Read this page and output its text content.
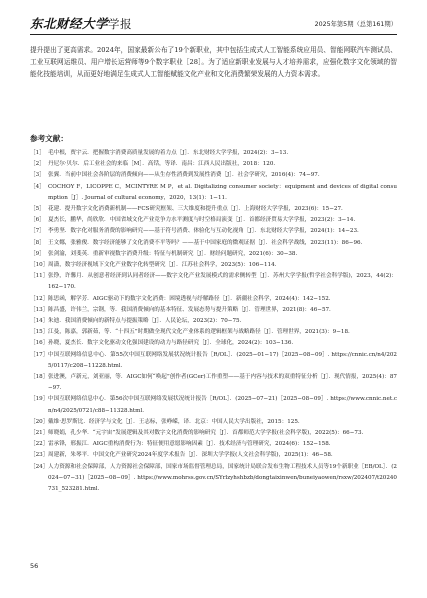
东北财经大学学报	2025年第5期（总第161期）

提升提出了更高需求。2024年，国家最新公布了19个新职业，其中包括生成式人工智能系统应用员、智能网联汽车测试员、工业互联网运维员、用户增长运营师等9个数字职业［28］。为了适应新职业发展与人才培养需求，应强化数字文化领域的智能化技能培训，从而更好地满足生成式人工智能赋能文化产业和文化消费繁荣发展的人力资本需求。

参考文献：
［1］ 毛中根，贾宇云．把握数字消费高质量发展的着力点［J］．东北财经大学学报，2024(2)：3−13.
［2］ 丹尼尔·贝尔．后工业社会的来临［M］．高铦，等译．南昌：江西人民出版社，2018：120.
［3］ 张翼．当前中国社会各阶层的消费倾向——从生存性消费到发展性消费［J］．社会学研究，2016(4)：74−97.
［4］ COCHOY F，LICOPPE C，MCINTYRE M P，et al. Digitalizing consumer society：equipment and devices of digital consumption［J］. Journal of cultural economy，2020，13(1)：1−11.
［5］ 花建．提升数字文化消费新机制——FCS研究框架、三大维度和提升重点［J］．上海财经大学学报，2023(6)：15−27.
［6］ 夏杰长，鹏华，尚欣欣．中国省域文化产业竞争力水平测度与时空格局演变［J］．首都经济贸易大学学报，2023(2)：3−14.
［7］ 李勇坚．数字化对服务消费的影响研究——基于符号消费、体验化与互动化视角［J］．东北财经大学学报，2024(1)：14−23.
［8］ 王文娜，张雅俊．数字经济能够了文化消费不平等吗？——基于中国家庭的微观证据［J］．社会科学战线，2023(11)：86−96.
［9］ 张剑渝，刘斐英．重新审视数字消费升级：特征与机制研究［J］．财经问题研究，2021(6)：30−38.
［10］ 周潇，数字经济视域下文化产业数字化转型研究［J］．江苏社会科学，2023(5)：106−114.
［11］ 张铮，许馨月．从创意者经济到认同者经济——数字文化产业发展模式的需求侧转型［J］．苏州大学学报(哲学社会科学版)，2023，44(2)：162−170.
［12］ 陈思函，解学芳．AIGC驱动下的数字文化消费：困境透视与纾解路径［J］．新疆社会科学，2024(4)：142−152.
［13］ 陈昌盛，许伟兰，宗钢，等．我国消费倾向的基本特征、发展态势与提升策略［J］．管理世界，2021(8)：46−57.
［14］ 朱迪．我国消费倾向的新特点与提振策略［J］．人民论坛，2023(2)：70−75.
［15］ 江曼，陈嘉，郭新茹，等．“十四五”时期做全现代文化产业体系的逻辑框架与战略路径［J］．管理世界，2021(3)：9−18.
［16］ 孙晓，夏杰长．数字文化驱动文化强国建设的动力与路径研究［J］．全球化，2024(2)：103−136.
［17］ 中国互联网络信息中心．第55次中国互联网络发展状况统计报告［R/OL］．(2025−01−17)［2025−08−09］. https://cnnic.cn/n4/2025/0117/c208−11228.html.
［18］ 张进澳，卢新元，刘亚丽，等．AIGC如何“唤起”创作者(GCer)工作重塑——基于内容与技术的双重特征分析［J］．现代情报，2025(4)：87−97.
［19］ 中国互联网络信息中心．第56次中国互联网络发展状况统计报告［R/OL］．(2025−07−21)［2025−08−09］. https://www.cnnic.net.cn/n4/2025/0721/c88−11328.html.
［20］ 戴维·思罗斯比．经济学与文化［J］．王志标，张峥嵘，译．北京：中国人民大学出版社，2015：125.
［21］ 师晓娟，孔少华．“元宇宙”发展逻辑及其对数字文化消费的影响研究［J］．首都师范大学学报(社会科学版)，2022(5)：66−73.
［22］ 雷承锋，邢振江．AIGC重构消费行为：特征便用意愿影响因素［J］．技术经济与管理研究，2024(6)：152−158.
［23］ 周建新，朱琴平．中国文化产业研究2024年度学术报告［J］．深圳大学学报(人文社会科学版)，2025(1)：46−58.
［24］ 人力资源和社会保障部，人力资源社会保障部，国家市场监督管理总局，国家统计局联合发布生物工程技术人员等19个新职业［EB/OL］．(2024−07−31)［2025−08−09］. https://www.mohrss.gov.cn/SYrlzyhshbzb/dongtaixinwen/buneiyaowen/rsxw/202407/t20240731_523281.html.
56
